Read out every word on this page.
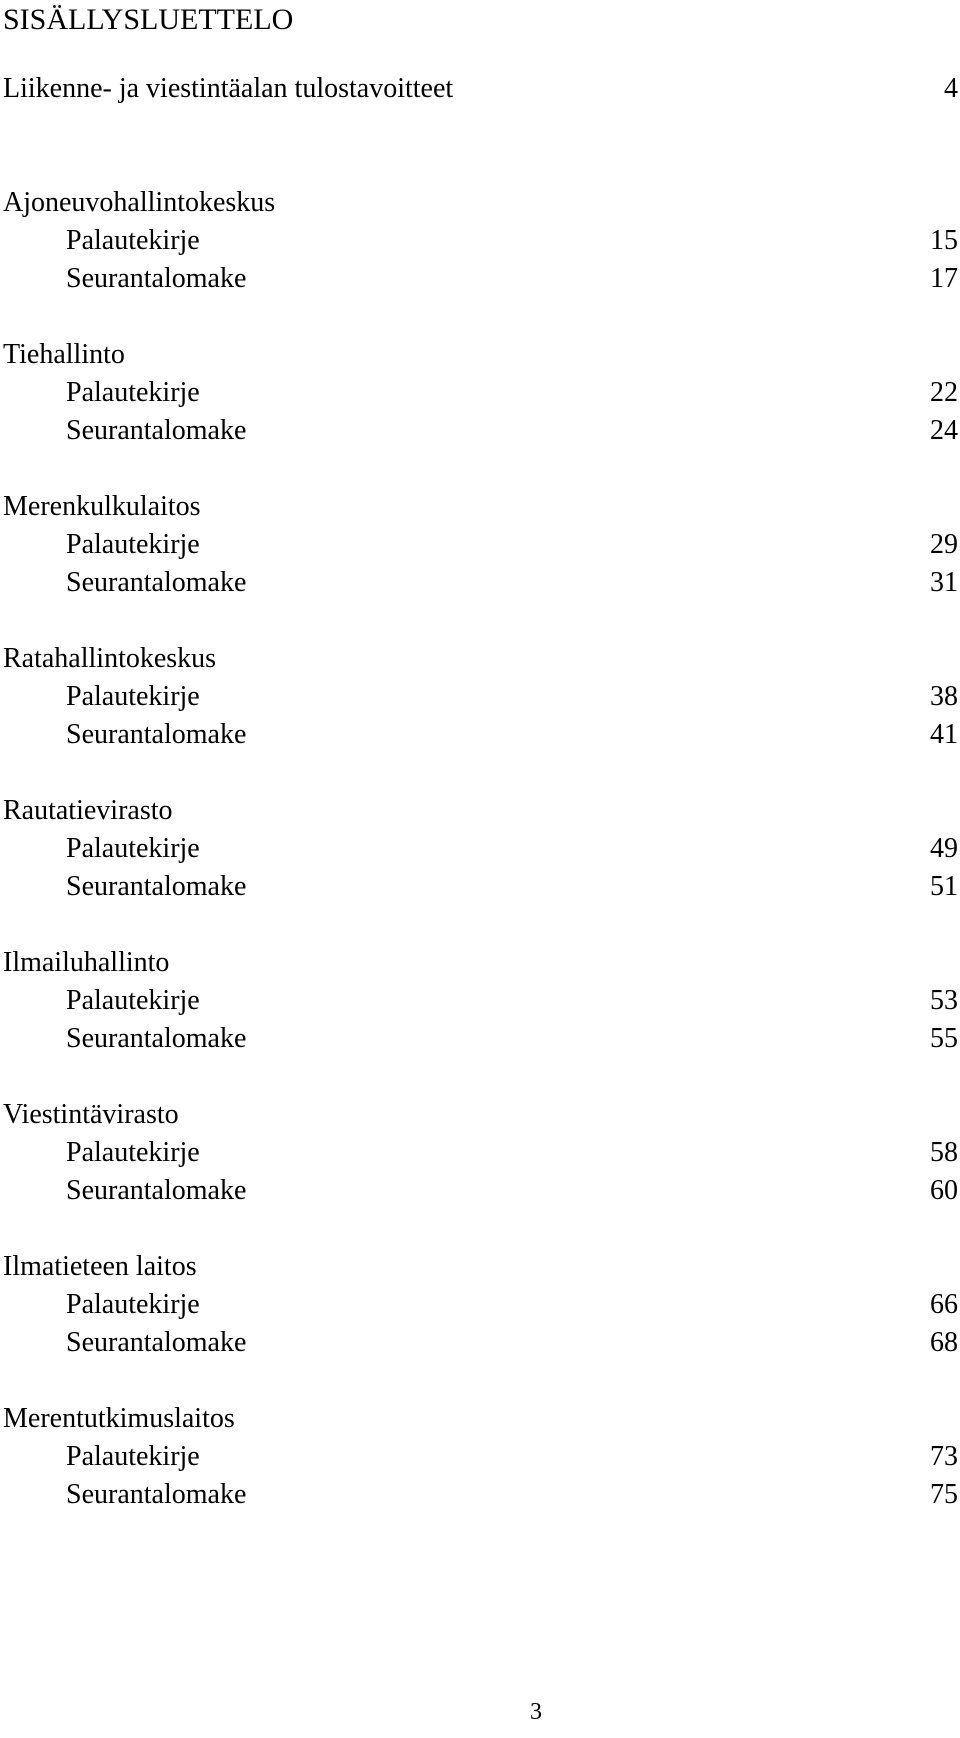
SISÄLLYSLUETTELO
Liikenne- ja viestintäalan tulostavoitteet	4
Ajoneuvohallintokeskus
Palautekirje	15
Seurantalomake	17
Tiehallinto
Palautekirje	22
Seurantalomake	24
Merenkulkulaitos
Palautekirje	29
Seurantalomake	31
Ratahallintokeskus
Palautekirje	38
Seurantalomake	41
Rautatievirasto
Palautekirje	49
Seurantalomake	51
Ilmailuhallinto
Palautekirje	53
Seurantalomake	55
Viestintävirasto
Palautekirje	58
Seurantalomake	60
Ilmatieteen laitos
Palautekirje	66
Seurantalomake	68
Merentutkimuslaitos
Palautekirje	73
Seurantalomake	75
3
